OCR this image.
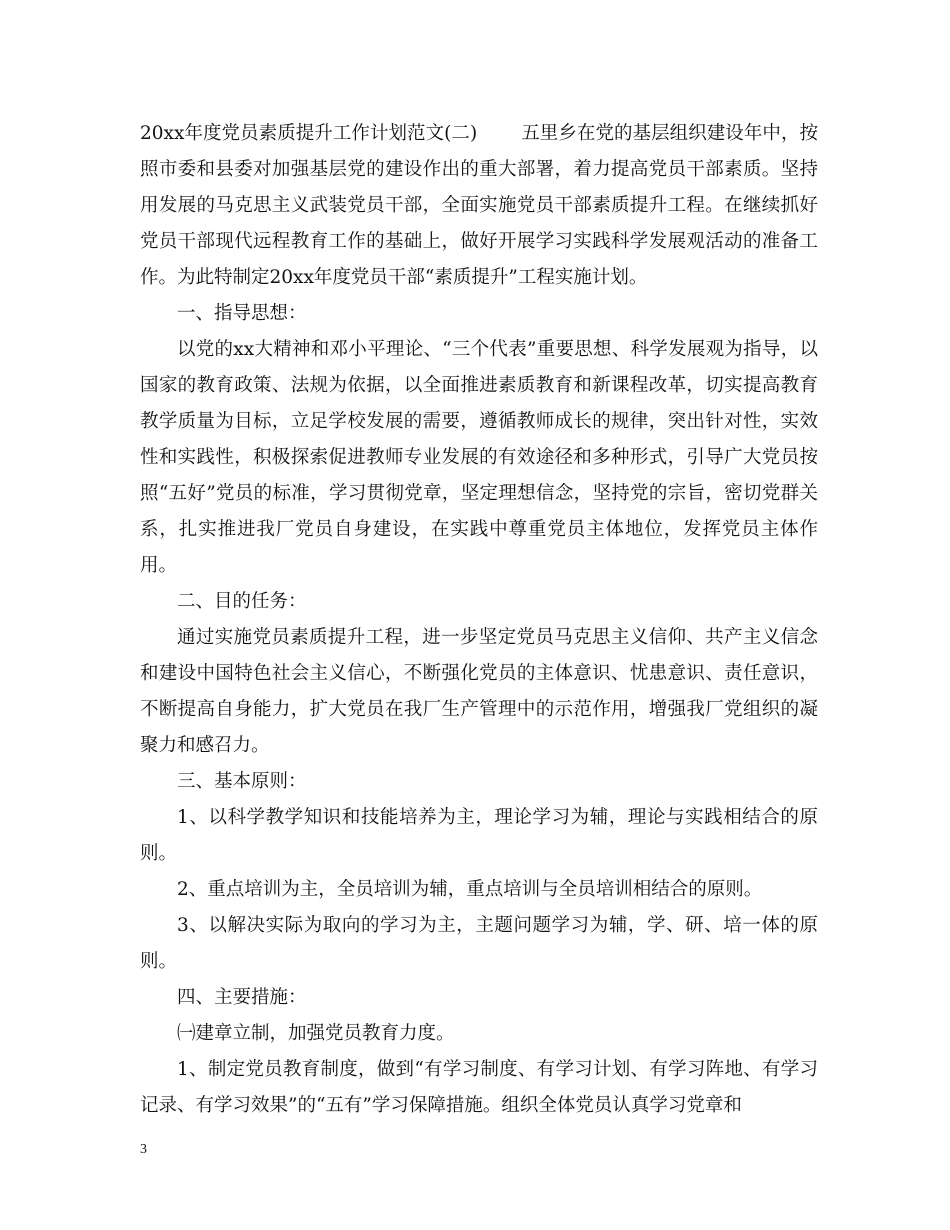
20xx年度党员素质提升工作计划范文(二) 五里乡在党的基层组织建设年中，按照市委和县委对加强基层党的建设作出的重大部署，着力提高党员干部素质。坚持用发展的马克思主义武装党员干部，全面实施党员干部素质提升工程。在继续抓好党员干部现代远程教育工作的基础上，做好开展学习实践科学发展观活动的准备工作。为此特制定20xx年度党员干部“素质提升”工程实施计划。

一、指导思想：

以党的xx大精神和邓小平理论、“三个代表”重要思想、科学发展观为指导，以国家的教育政策、法规为依据，以全面推进素质教育和新课程改革，切实提高教育教学质量为目标，立足学校发展的需要，遵循教师成长的规律，突出针对性，实效性和实践性，积极探索促进教师专业发展的有效途径和多种形式，引导广大党员按照“五好”党员的标准，学习贯彻党章，坚定理想信念，坚持党的宗旨，密切党群关系，扎实推进我厂党员自身建设，在实践中尊重党员主体地位，发挥党员主体作用。

二、目的任务：

通过实施党员素质提升工程，进一步坚定党员马克思主义信仰、共产主义信念和建设中国特色社会主义信心，不断强化党员的主体意识、忧患意识、责任意识，不断提高自身能力，扩大党员在我厂生产管理中的示范作用，增强我厂党组织的凝聚力和感召力。

三、基本原则：

1、以科学教学知识和技能培养为主，理论学习为辅，理论与实践相结合的原则。

2、重点培训为主，全员培训为辅，重点培训与全员培训相结合的原则。

3、以解决实际为取向的学习为主，主题问题学习为辅，学、研、培一体的原则。

四、主要措施：

㈠建章立制，加强党员教育力度。

1、制定党员教育制度，做到“有学习制度、有学习计划、有学习阵地、有学习记录、有学习效果”的“五有”学习保障措施。组织全体党员认真学习党章和

3
